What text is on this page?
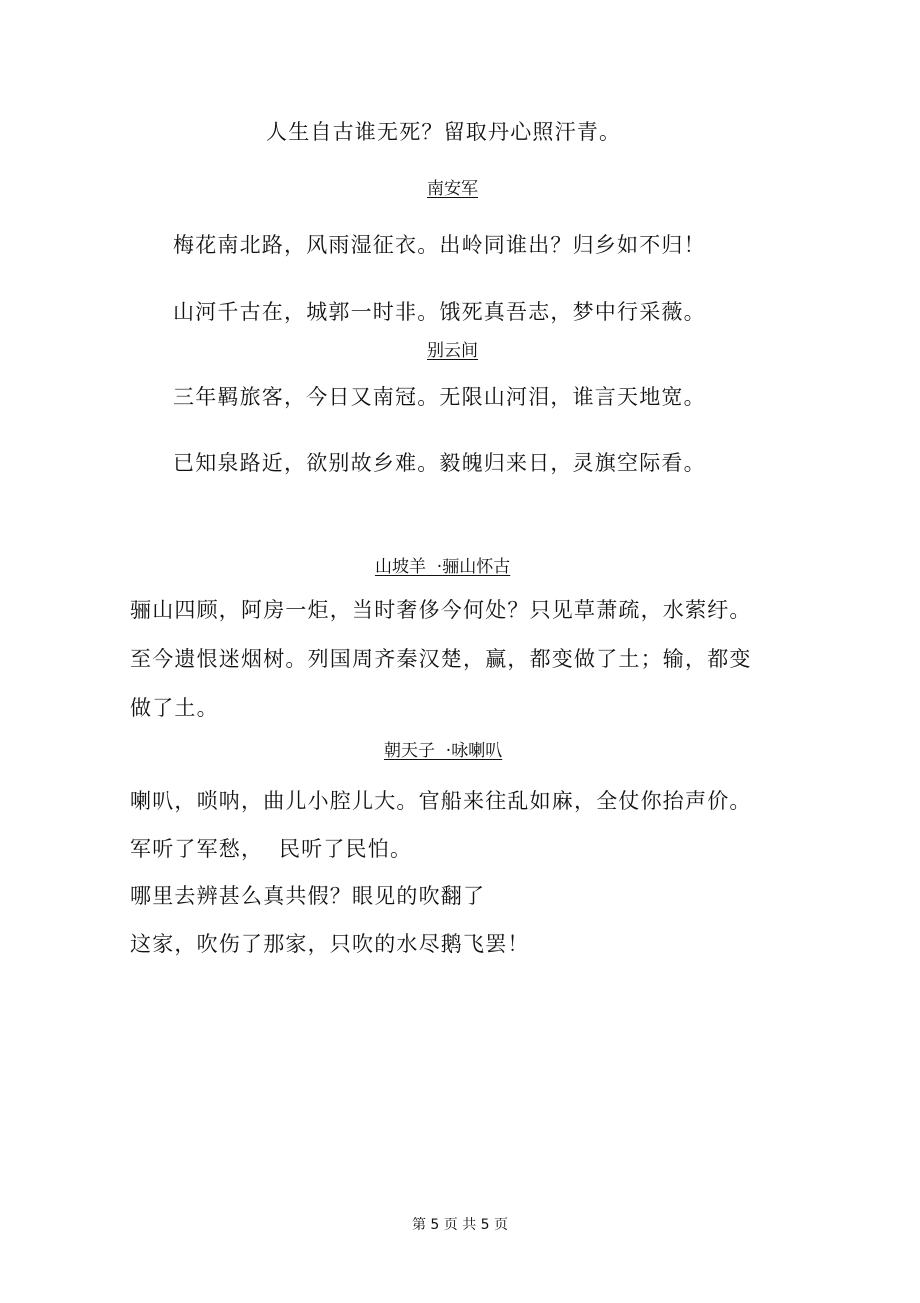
人生自古谁无死？留取丹心照汗青。
南安军
梅花南北路，风雨湿征衣。出岭同谁出？归乡如不归！
山河千古在，城郭一时非。饿死真吾志，梦中行采薇。
别云间
三年羁旅客，今日又南冠。无限山河泪，谁言天地宽。
已知泉路近，欲别故乡难。毅魄归来日，灵旗空际看。
山坡羊  ·骊山怀古
骊山四顾，阿房一炬，当时奢侈今何处？只见草萧疏，水萦纡。
至今遗恨迷烟树。列国周齐秦汉楚，赢，都变做了土；输，都变
做了土。
朝天子  ·咏喇叭
喇叭，唢呐，曲儿小腔儿大。官船来往乱如麻，全仗你抬声价。
军听了军愁，  民听了民怕。
哪里去辨甚么真共假？眼见的吹翻了
这家，吹伤了那家，只吹的水尽鹅飞罢！
第 5 页 共 5 页
